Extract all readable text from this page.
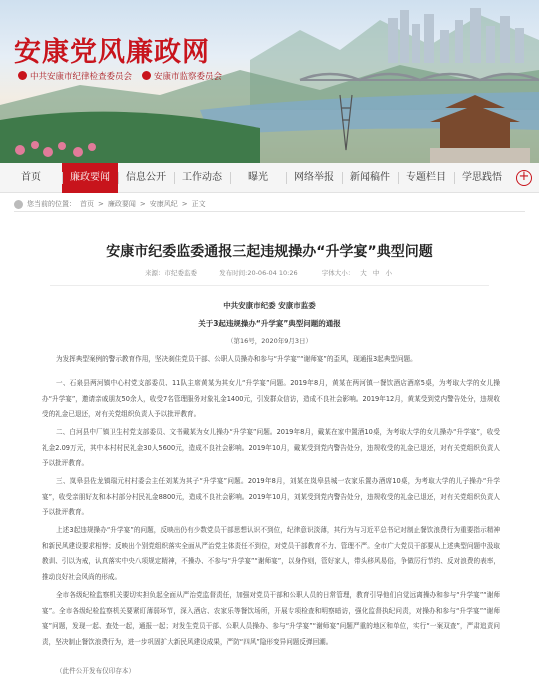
安康党风廉政网
中共安康市纪律检查委员会	安康市监察委员会
首页	廉政要闻	信息公开	工作动态	曝光	网络举报	新闻稿件	专题栏目	学思践悟	+
您当前的位置： 首页 > 廉政要闻 > 安康风纪 > 正文
安康市纪委监委通报三起违规操办“升学宴”典型问题
来源：市纪委监委	发布时间:20-06-04 10:26	字体大小： 大 中 小
中共安康市纪委 安康市监委
关于3起违规操办“升学宴”典型问题的通报
（第16号，2020年9月3日）

为发挥典型案例的警示教育作用，坚决刹住党员干部、公职人员操办和参与“升学宴”“谢师宴”的歪风，现通报3起典型问题。

一、石泉县两河镇中心村党支部委员、11队主席黄某为其女儿“升学宴”问题。2019年8月，黄某在两河镇一餐饮酒店酒席5桌，为考取大学的女儿操办“升学宴”，邀请亲戚朋友50余人，收受7名管理服务对象礼金1400元，引发群众信访，造成不良社会影响。2019年12月，黄某受到党内警告处分，违规收受的礼金已退还，对有关党组织负责人予以批评教育。

二、白河县中厂镇卫生村党支部委员、文书戴某为女儿操办“升学宴”问题。2019年8月，戴某在家中置酒10桌，为考取大学的女儿操办“升学宴”，收受礼金2.09万元，其中本村村民礼金30人5600元，造成不良社会影响。2019年10月，戴某受到党内警告处分，违规收受的礼金已退还，对有关党组织负责人予以批评教育。

三、岚皋县佐龙镇瑞元村村委会主任刘某为其子“升学宴”问题。2019年8月，刘某在岚皋县城一农家乐置办酒席10桌，为考取大学的儿子操办“升学宴”，收受亲朋好友和本村部分村民礼金8800元，造成不良社会影响。2019年10月，刘某受到党内警告处分，违规收受的礼金已退还，对有关党组织负责人予以批评教育。

上述3起违规操办“升学宴”的问题，反映出仍有少数党员干部思想认识不到位，纪律意识淡薄，其行为与习近平总书记对制止餐饮浪费行为重要指示精神和新民风建设要求相悖；反映出个别党组织落实全面从严治党主体责任不到位，对党员干部教育不力、管理不严。全市广大党员干部要从上述典型问题中汲取教训、引以为戒，认真落实中央八项规定精神，不操办、不参与“升学宴”“谢师宴”，以身作则，管好家人，带头移风易俗，争做厉行节约、反对浪费的表率，推动良好社会风尚的形成。

全市各级纪检监察机关要切实担负起全面从严治党监督责任，加强对党员干部和公职人员的日常管理，教育引导他们自觉远离操办和参与“升学宴”“谢师宴”。全市各级纪检监察机关要紧盯薄弱环节，深入酒店、农家乐等餐饮场所，开展专项检查和明察暗访，强化监督执纪问责，对操办和参与“升学宴”“谢师宴”问题，发现一起、查处一起，通报一起；对发生党员干部、公职人员操办、参与“升学宴”“谢师宴”问题严重的地区和单位，实行“一案双查”，严肃追责问责，坚决制止餐饮浪费行为，进一步巩固扩大新民风建设成果，严防“四风”隐形变异问题反弹回潮。

（此件公开发布仅印存本）
